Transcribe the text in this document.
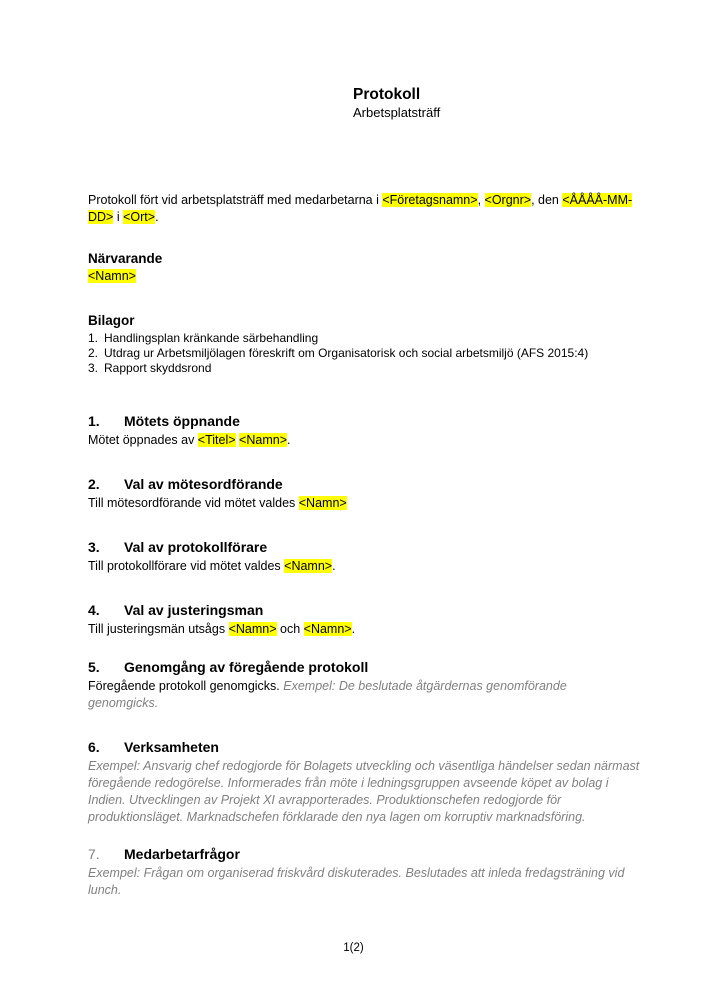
Protokoll
Arbetsplatsträff

Protokoll fört vid arbetsplatsträff med medarbetarna i <Företagsnamn>, <Orgnr>, den <ÅÅÅÅ-MM-DD> i <Ort>.

Närvarande
<Namn>
Bilagor
1. Handlingsplan kränkande särbehandling
2. Utdrag ur Arbetsmiljölagen föreskrift om Organisatorisk och social arbetsmiljö (AFS 2015:4)
3. Rapport skyddsrond
1.	Mötets öppnande
Mötet öppnades av <Titel> <Namn>.
2.	Val av mötesordförande
Till mötesordförande vid mötet valdes <Namn>
3.	Val av protokollförare
Till protokollförare vid mötet valdes <Namn>.
4.	Val av justeringsman
Till justeringsmän utsågs <Namn> och <Namn>.
5.	Genomgång av föregående protokoll
Föregående protokoll genomgicks. Exempel: De beslutade åtgärdernas genomförande genomgicks.
6.	Verksamheten
Exempel: Ansvarig chef redogjorde för Bolagets utveckling och väsentliga händelser sedan närmast föregående redogörelse. Informerades från möte i ledningsgruppen avseende köpet av bolag i Indien. Utvecklingen av Projekt XI avrapporterades. Produktionschefen redogjorde för produktionsläget. Marknadschefen förklarade den nya lagen om korruptiv marknadsföring.
7.	Medarbetarfrågor
Exempel: Frågan om organiserad friskvård diskuterades. Beslutades att inleda fredagsträning vid lunch.
1(2)
